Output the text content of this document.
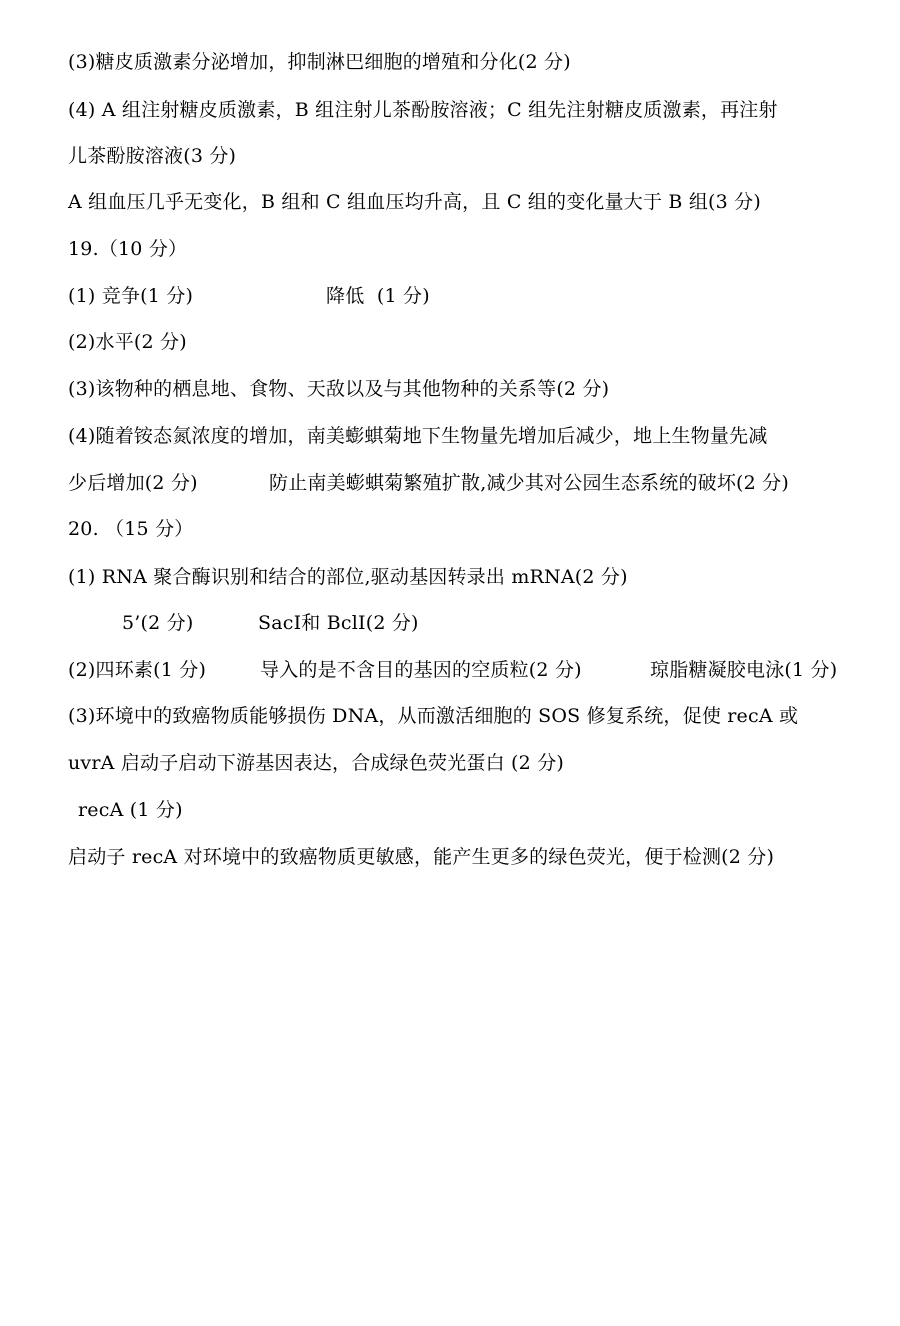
(3)糖皮质激素分泌增加，抑制淋巴细胞的增殖和分化(2 分)
(4) A 组注射糖皮质激素，B 组注射儿茶酚胺溶液；C 组先注射糖皮质激素，再注射
儿茶酚胺溶液(3 分)
A 组血压几乎无变化，B 组和 C 组血压均升高，且 C 组的变化量大于 B 组(3 分)
19.（10 分）

(1) 竞争(1 分)

	降低  (1 分)

(2)水平(2 分)
(3)该物种的栖息地、食物、天敌以及与其他物种的关系等(2 分)
(4)随着铵态氮浓度的增加，南美蟛蜞菊地下生物量先增加后减少，地上生物量先减

少后增加(2 分)

	防止南美蟛蜞菊繁殖扩散,减少其对公园生态系统的破坏(2 分)

20. （15 分）
(1) RNA 聚合酶识别和结合的部位,驱动基因转录出 mRNA(2 分)

5’(2 分)

	SacⅠ和 BclⅠ(2 分)

(2)四环素(1 分)

	导入的是不含目的基因的空质粒(2 分)

	琼脂糖凝胶电泳(1 分)

(3)环境中的致癌物质能够损伤 DNA，从而激活细胞的 SOS 修复系统，促使 recA 或
uvrA 启动子启动下游基因表达，合成绿色荧光蛋白 (2 分)
recA (1 分)
启动子 recA 对环境中的致癌物质更敏感，能产生更多的绿色荧光，便于检测(2 分)
